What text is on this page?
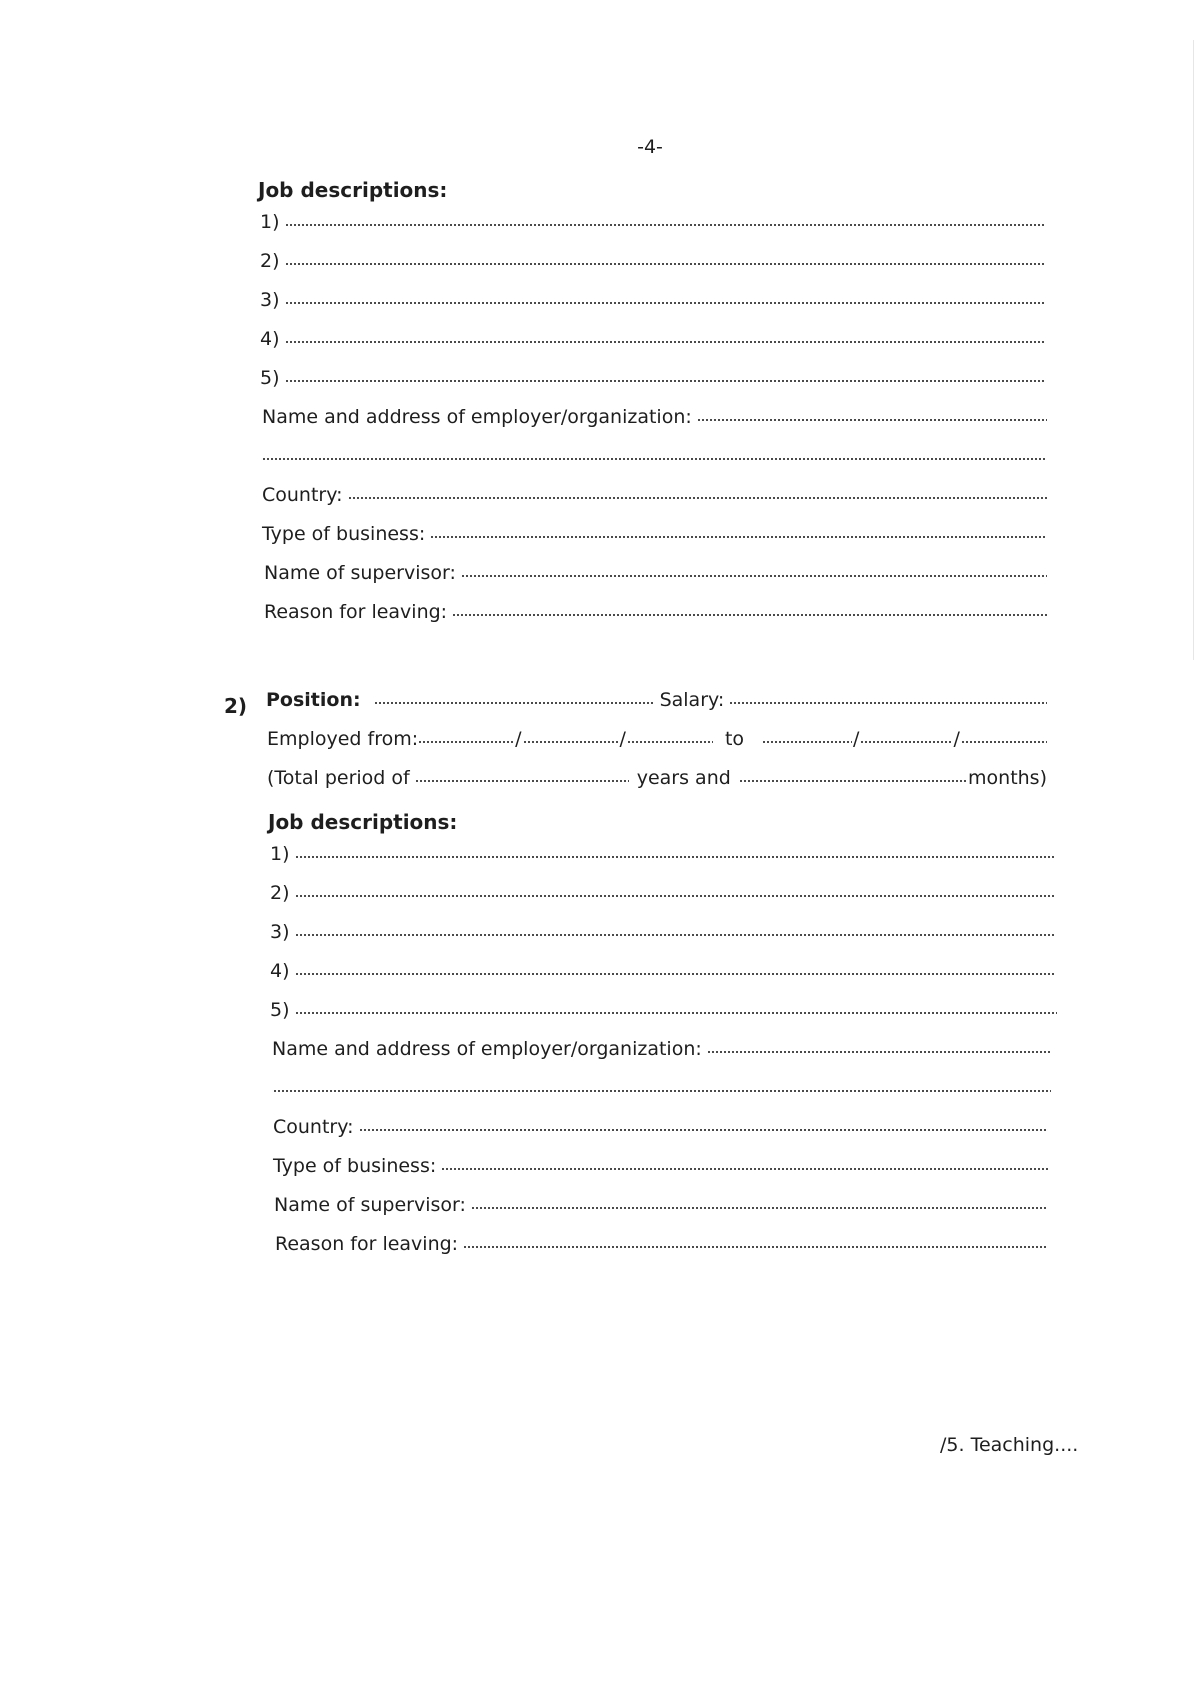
-4-
Job descriptions:
1)
2)
3)
4)
5)
Name and address of employer/organization:
Country:
Type of business:
Name of supervisor:
Reason for leaving:
2) Position:	Salary:
Employed from:	/	/	to	/	/
(Total period of	years and	months)
Job descriptions:
1)
2)
3)
4)
5)
Name and address of employer/organization:
Country:
Type of business:
Name of supervisor:
Reason for leaving:
/5. Teaching....
